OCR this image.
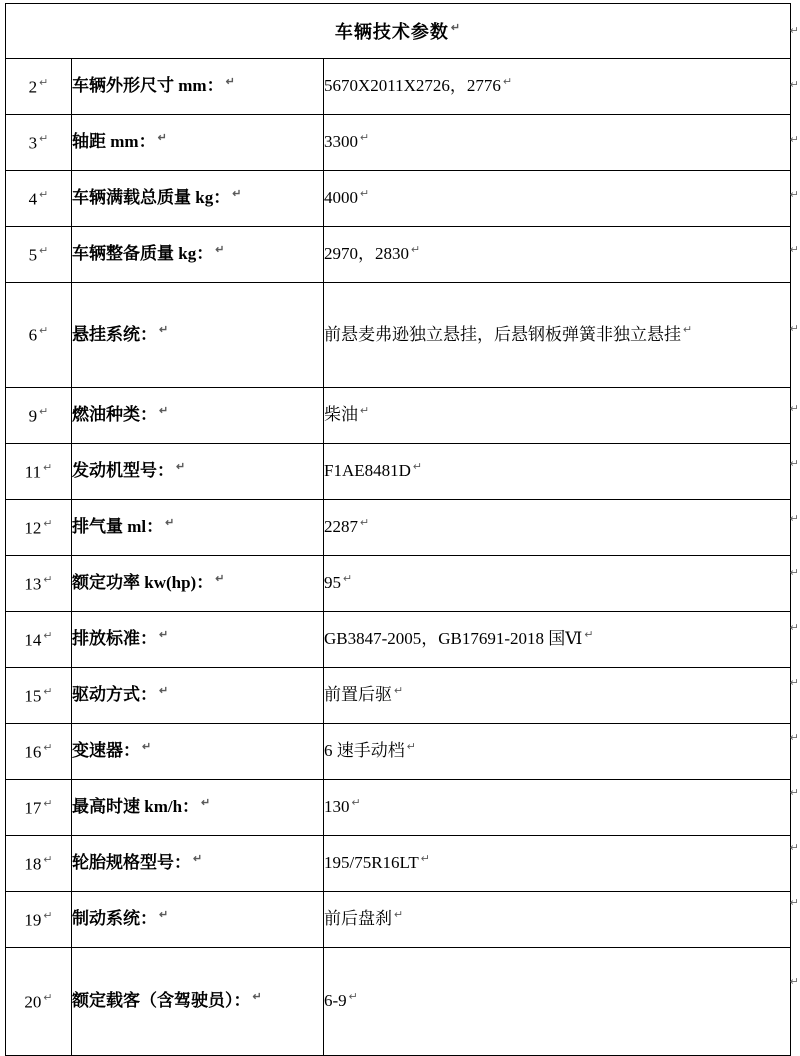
车辆技术参数 ↵
2 ↵	车辆外形尺寸 mm： ↵	5670X2011X2726，2776 ↵
3 ↵	轴距 mm： ↵	3300 ↵
4 ↵	车辆满载总质量 kg： ↵	4000 ↵
5 ↵	车辆整备质量 kg： ↵	2970，2830 ↵
6 ↵	悬挂系统： ↵	前悬麦弗逊独立悬挂，后悬钢板弹簧非独立悬挂 ↵
9 ↵	燃油种类： ↵	柴油 ↵
11 ↵	发动机型号： ↵	F1AE8481D ↵
12 ↵	排气量 ml： ↵	2287 ↵
13 ↵	额定功率 kw(hp)： ↵	95 ↵
14 ↵	排放标准： ↵	GB3847-2005，GB17691-2018 国Ⅵ ↵
15 ↵	驱动方式： ↵	前置后驱 ↵
16 ↵	变速器： ↵	6 速手动档 ↵
17 ↵	最高时速 km/h： ↵	130 ↵
18 ↵	轮胎规格型号： ↵	195/75R16LT ↵
19 ↵	制动系统： ↵	前后盘刹 ↵
20 ↵	额定载客（含驾驶员）： ↵	6-9 ↵
↵
↵
↵
↵
↵
↵
↵
↵
↵
↵
↵
↵
↵
↵
↵
↵
↵
